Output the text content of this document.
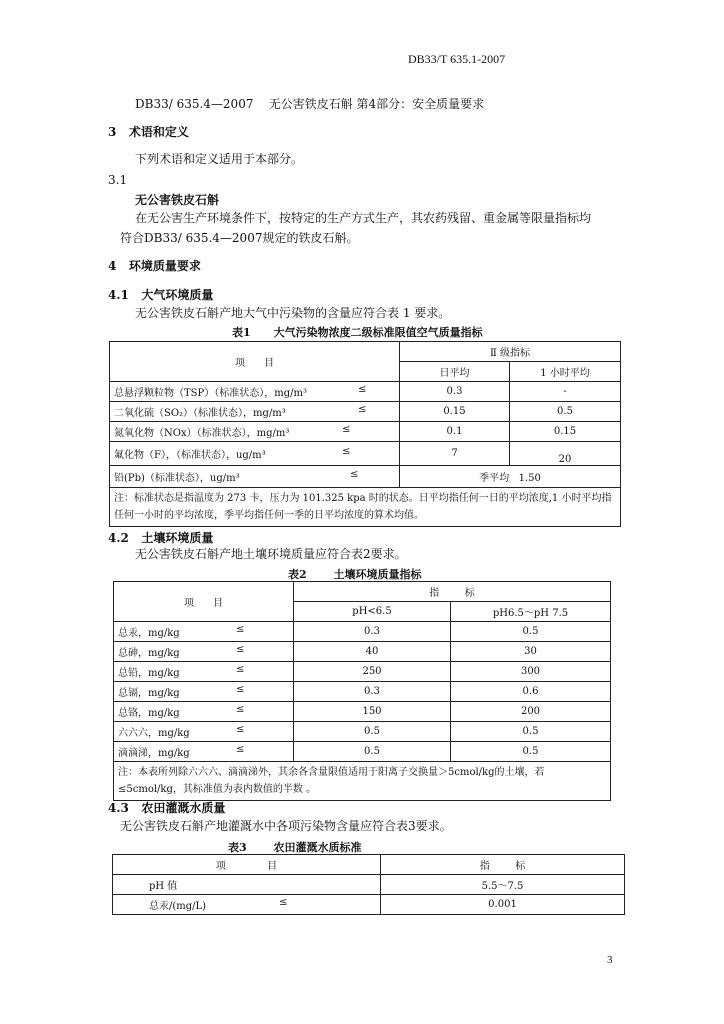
DB33/T 635.1-2007
DB33/ 635.4—2007    无公害铁皮石斛 第4部分：安全质量要求
3   术语和定义
下列术语和定义适用于本部分。
3.1
无公害铁皮石斛
在无公害生产环境条件下，按特定的生产方式生产，其农药残留、重金属等限量指标均
符合DB33/ 635.4—2007规定的铁皮石斛。
4   环境质量要求
4.1   大气环境质量
无公害铁皮石斛产地大气中污染物的含量应符合表 1 要求。
表1      大气污染物浓度二级标准限值空气质量指标
项      目	Ⅱ 级指标	
	日平均	1 小时平均
总悬浮颗粒物（TSP）（标准状态），mg/m³ ≤	0.3	-
二氧化硫（SO₂）（标准状态），mg/m³ ≤	0.15	0.5
氮氧化物（NOx）（标准状态），mg/m³ ≤	0.1	0.15
氟化物（F），（标准状态），ug/m³ ≤	7	20
铅(Pb)（标准状态），ug/m³ ≤	季平均   1.50	
注：标准状态是指温度为 273 卡，压力为 101.325 kpa 时的状态。日平均指任何一日的平均浓度,1 小时平均指任何一小时的平均浓度，季平均指任何一季的日平均浓度的算术均值。		
4.2   土壤环境质量
无公害铁皮石斛产地土壤环境质量应符合表2要求。
表2       土壤环境质量指标
项      目	指        标	
	pH<6.5	pH6.5～pH 7.5
总汞，mg/kg ≤	0.3	0.5
总砷，mg/kg ≤	40	30
总铅，mg/kg ≤	250	300
总镉，mg/kg ≤	0.3	0.6
总铬，mg/kg ≤	150	200
六六六，mg/kg ≤	0.5	0.5
滴滴涕，mg/kg ≤	0.5	0.5
注：本表所列除六六六、滴滴涕外，其余各含量限值适用于阳离子交换量＞5cmol/kg的土壤，若≤5cmol/kg，其标准值为表内数值的半数 。		
4.3   农田灌溉水质量
无公害铁皮石斛产地灌溉水中各项污染物含量应符合表3要求。
表3       农田灌溉水质标准
项             目	指        标
pH 值	5.5～7.5
总汞/(mg/L) ≤	0.001
3
